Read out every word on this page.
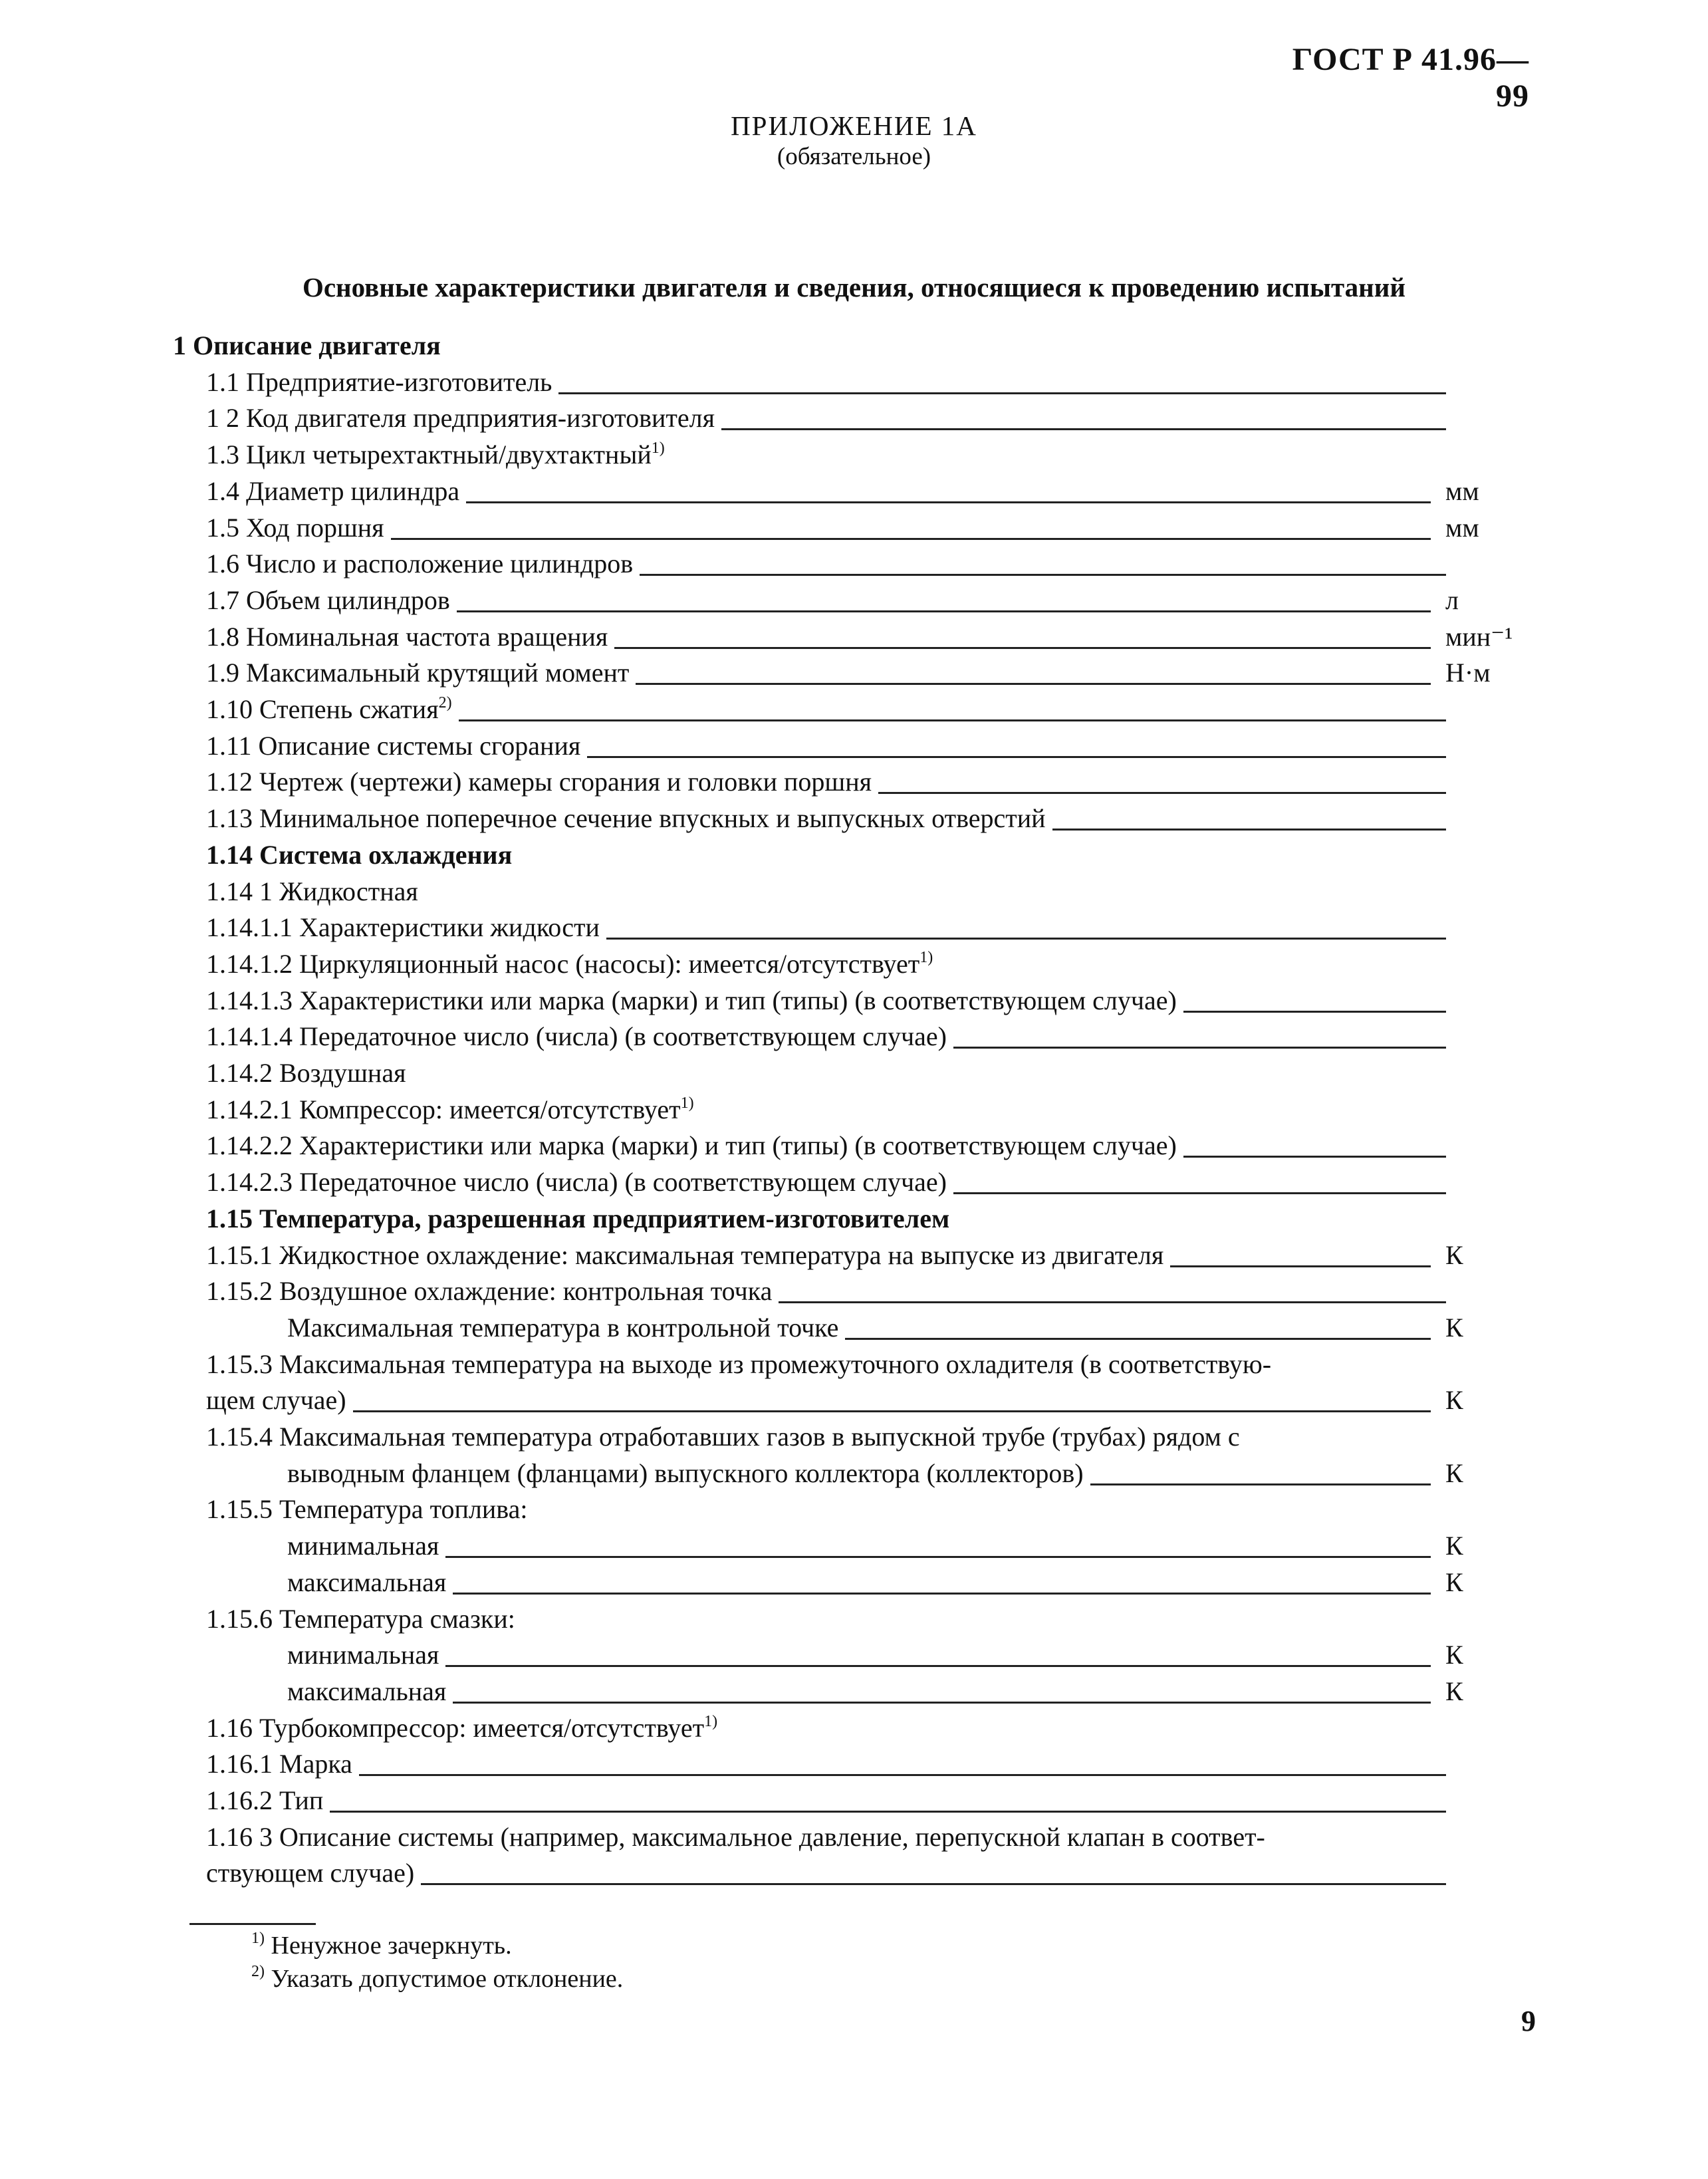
ГОСТ Р 41.96—99
ПРИЛОЖЕНИЕ 1А
(обязательное)
Основные характеристики двигателя и сведения, относящиеся к проведению испытаний
1 Описание двигателя
1.1 Предприятие-изготовитель
1 2 Код двигателя предприятия-изготовителя
1.3 Цикл четырехтактный/двухтактный$^{1)}$
1.4 Диаметр цилиндра	мм
1.5 Ход поршня	мм
1.6 Число и расположение цилиндров
1.7 Объем цилиндров	л
1.8 Номинальная частота вращения	мин⁻¹
1.9 Максимальный крутящий момент	Н·м
1.10 Степень сжатия$^{2)}$
1.11 Описание системы сгорания
1.12 Чертеж (чертежи) камеры сгорания и головки поршня
1.13 Минимальное поперечное сечение впускных и выпускных отверстий
1.14 Система охлаждения
1.14 1 Жидкостная
1.14.1.1 Характеристики жидкости
1.14.1.2 Циркуляционный насос (насосы): имеется/отсутствует$^{1)}$
1.14.1.3 Характеристики или марка (марки) и тип (типы) (в соответствующем случае)
1.14.1.4 Передаточное число (числа) (в соответствующем случае)
1.14.2 Воздушная
1.14.2.1 Компрессор: имеется/отсутствует$^{1)}$
1.14.2.2 Характеристики или марка (марки) и тип (типы) (в соответствующем случае)
1.14.2.3 Передаточное число (числа) (в соответствующем случае)
1.15 Температура, разрешенная предприятием-изготовителем
1.15.1 Жидкостное охлаждение: максимальная температура на выпуске из двигателя	К
1.15.2 Воздушное охлаждение: контрольная точка
Максимальная температура в контрольной точке	К
1.15.3 Максимальная температура на выходе из промежуточного охладителя (в соответствую-
щем случае)	К
1.15.4 Максимальная температура отработавших газов в выпускной трубе (трубах) рядом с
выводным фланцем (фланцами) выпускного коллектора (коллекторов)	К
1.15.5 Температура топлива:
минимальная	К
максимальная	К
1.15.6 Температура смазки:
минимальная	К
максимальная	К
1.16 Турбокомпрессор: имеется/отсутствует$^{1)}$
1.16.1 Марка
1.16.2 Тип
1.16 3 Описание системы (например, максимальное давление, перепускной клапан в соответ-
ствующем случае)
$^{1)}$ Ненужное зачеркнуть.
$^{2)}$ Указать допустимое отклонение.
9
